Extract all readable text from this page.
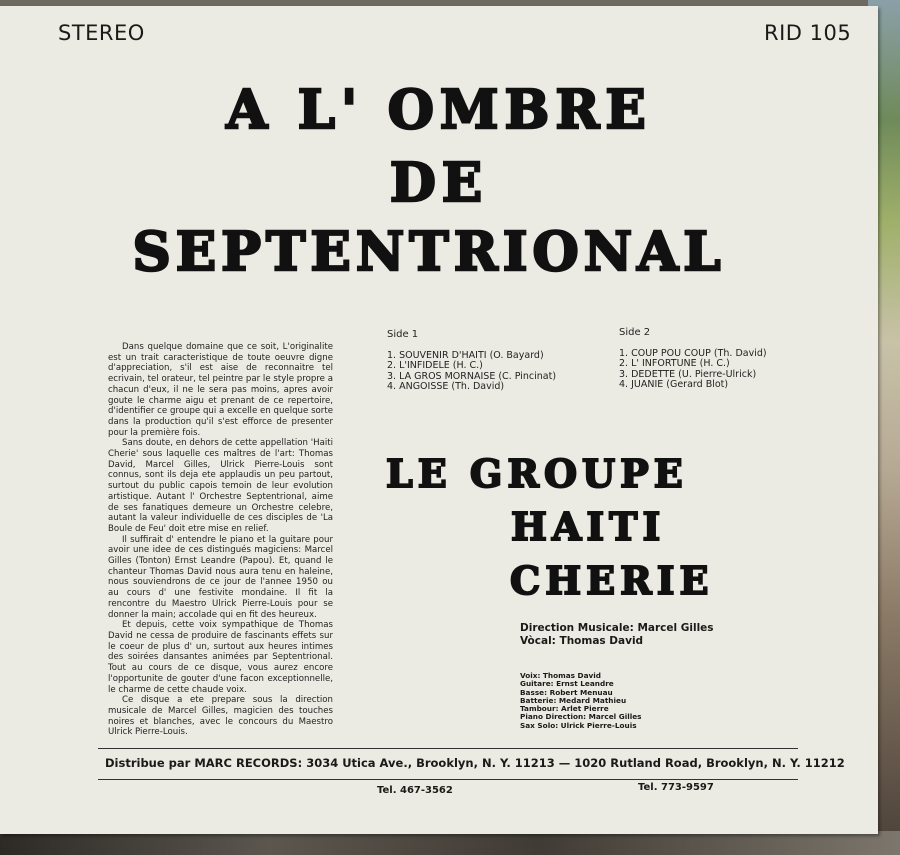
STEREO	RID 105
A L' OMBRE
DE
SEPTENTRIONAL

Dans quelque domaine que ce soit, L'originalite est un trait caracteristique de toute oeuvre digne d'appreciation, s'il est aise de reconnaitre tel ecrivain, tel orateur, tel peintre par le style propre a chacun d'eux, il ne le sera pas moins, apres avoir goute le charme aigu et prenant de ce repertoire, d'identifier ce groupe qui a excelle en quelque sorte dans la production qu'il s'est efforce de presenter pour la première fois.

Sans doute, en dehors de cette appellation 'Haiti Cherie' sous laquelle ces maîtres de l'art: Thomas David, Marcel Gilles, Ulrick Pierre-Louis sont connus, sont ils deja ete applaudis un peu partout, surtout du public capois temoin de leur evolution artistique. Autant l' Orchestre Septentrional, aime de ses fanatiques demeure un Orchestre celebre, autant la valeur individuelle de ces disciples de 'La Boule de Feu' doit etre mise en relief.

Il suffirait d' entendre le piano et la guitare pour avoir une idee de ces distingués magiciens: Marcel Gilles (Tonton) Ernst Leandre (Papou). Et, quand le chanteur Thomas David nous aura tenu en haleine, nous souviendrons de ce jour de l'annee 1950 ou au cours d' une festivite mondaine. Il fit la rencontre du Maestro Ulrick Pierre-Louis pour se donner la main; accolade qui en fit des heureux.

Et depuis, cette voix sympathique de Thomas David ne cessa de produire de fascinants effets sur le coeur de plus d' un, surtout aux heures intimes des soirées dansantes animées par Septentrional. Tout au cours de ce disque, vous aurez encore l'opportunite de gouter d'une facon exceptionnelle, le charme de cette chaude voix.

Ce disque a ete prepare sous la direction musicale de Marcel Gilles, magicien des touches noires et blanches, avec le concours du Maestro Ulrick Pierre-Louis.

Side 1
1. SOUVENIR D'HAITI (O. Bayard)
2. L'INFIDELE (H. C.)
3. LA GROS MORNAISE (C. Pincinat)
4. ANGOISSE (Th. David)
Side 2
1. COUP POU COUP (Th. David)
2. L' INFORTUNE (H. C.)
3. DEDETTE (U. Pierre-Ulrick)
4. JUANIE (Gerard Blot)
LE GROUPE
HAITI
CHERIE
Direction Musicale: Marcel Gilles
Vòcal: Thomas David
Voix: Thomas David
Guitare: Ernst Leandre
Basse: Robert Menuau
Batterie: Medard Mathieu
Tambour: Arlet Pierre
Piano Direction: Marcel Gilles
Sax Solo: Ulrick Pierre-Louis
Distribue par MARC RECORDS: 3034 Utica Ave., Brooklyn, N. Y. 11213 — 1020 Rutland Road, Brooklyn, N. Y. 11212
Tel. 467-3562	Tel. 773-9597
